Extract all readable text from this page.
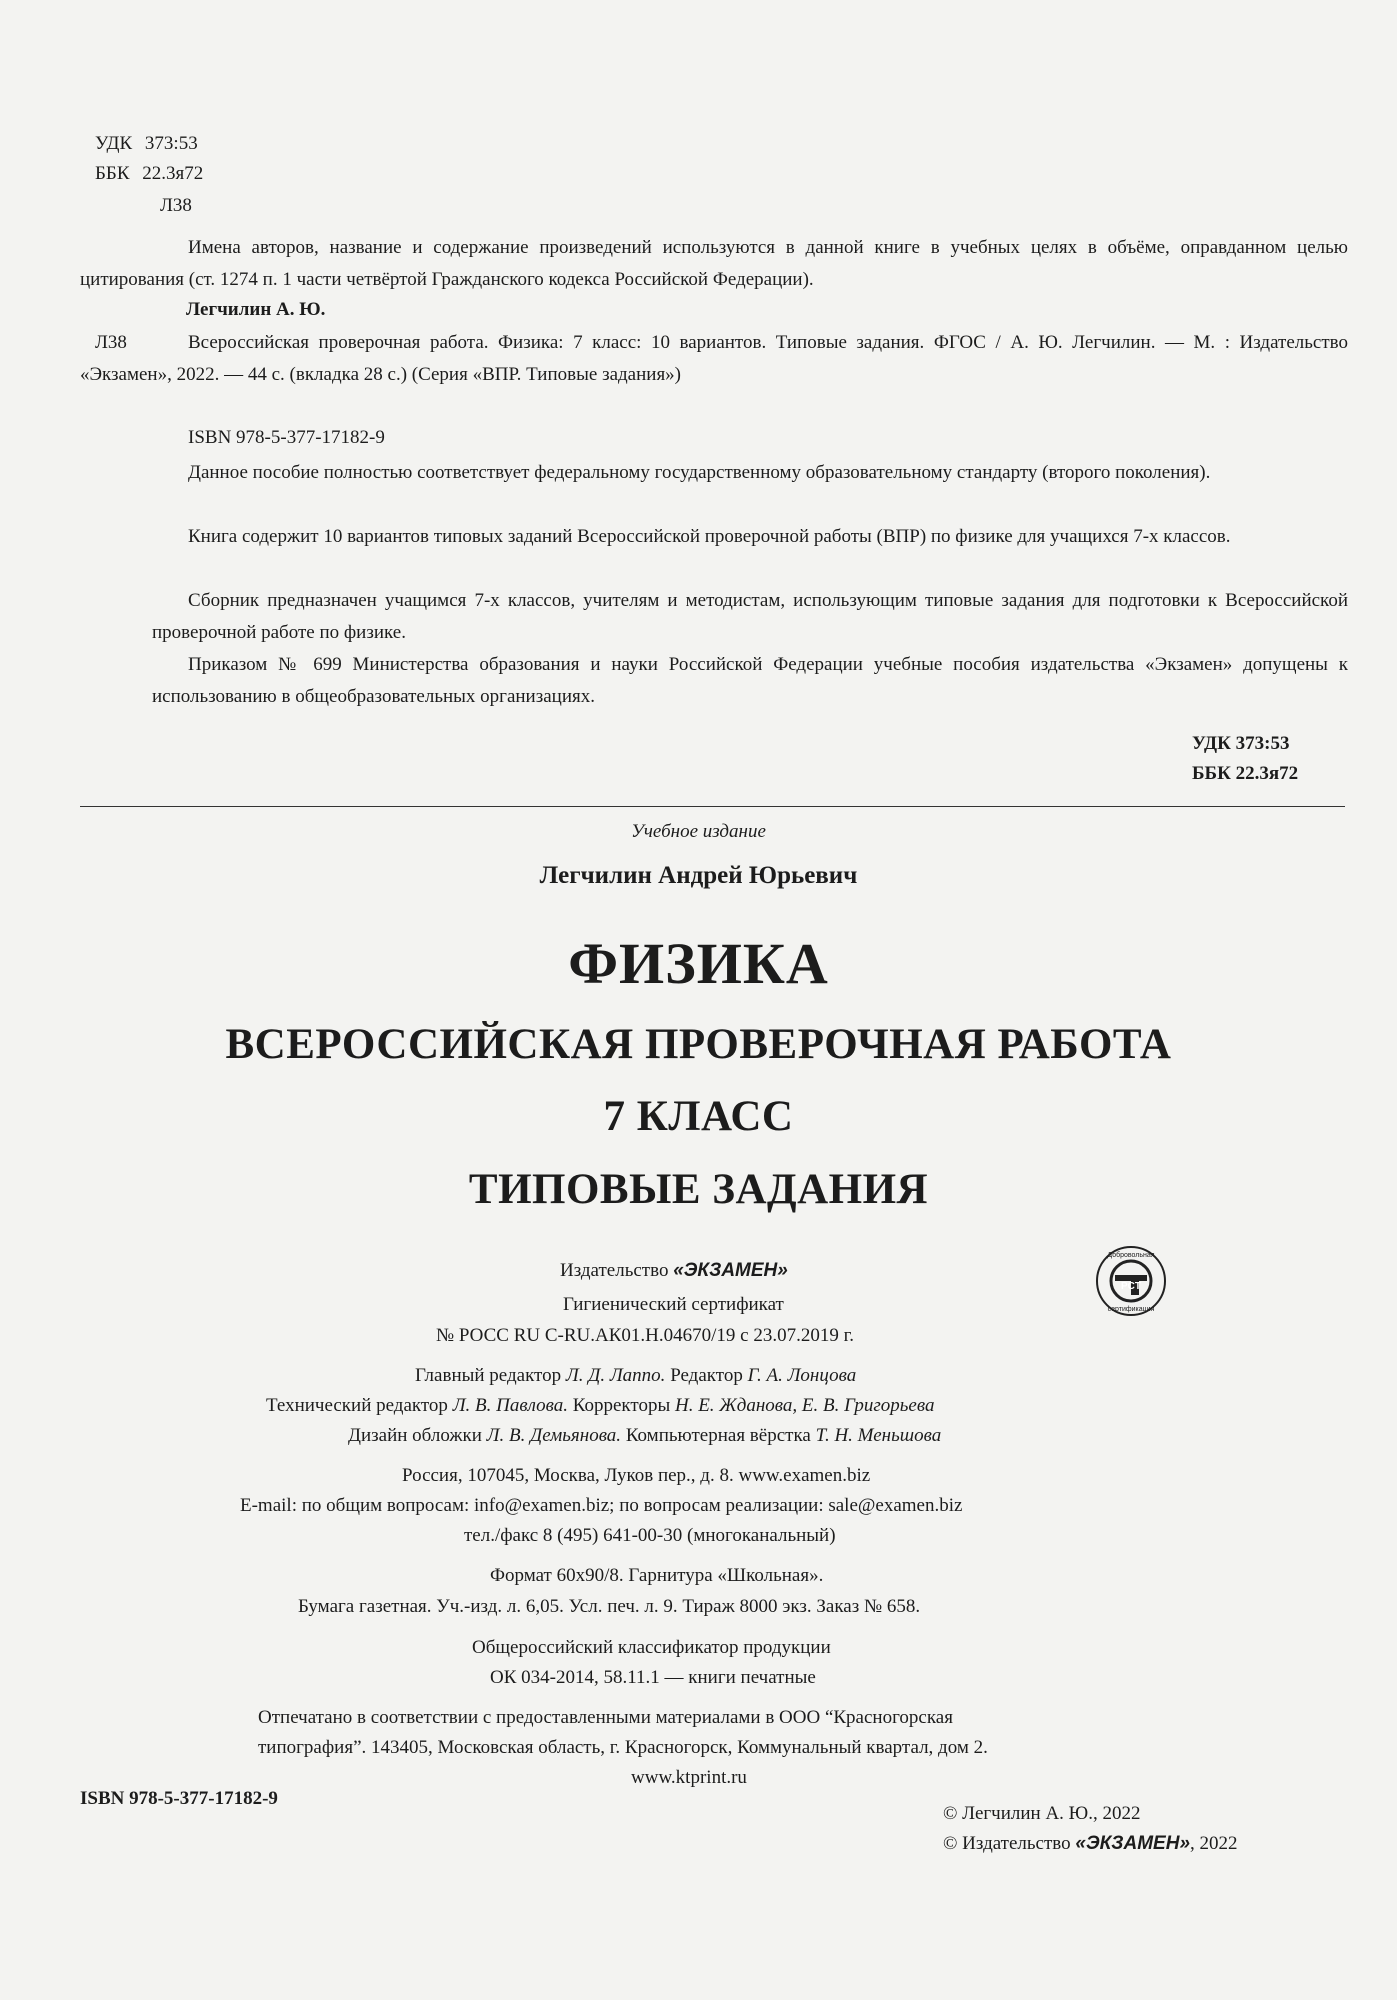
УДК 373:53
ББК 22.3я72
Л38
Имена авторов, название и содержание произведений используются в данной книге в учебных целях в объёме, оправданном целью цитирования (ст. 1274 п. 1 части четвёртой Гражданского кодекса Российской Федерации).
Легчилин А. Ю.
Л38	Всероссийская проверочная работа. Физика: 7 класс: 10 вариантов. Типовые задания. ФГОС / А. Ю. Легчилин. — М. : Издательство «Экзамен», 2022. — 44 с. (вкладка 28 с.) (Серия «ВПР. Типовые задания»)
ISBN 978-5-377-17182-9
Данное пособие полностью соответствует федеральному государственному образовательному стандарту (второго поколения).
Книга содержит 10 вариантов типовых заданий Всероссийской проверочной работы (ВПР) по физике для учащихся 7-х классов.
Сборник предназначен учащимся 7-х классов, учителям и методистам, использующим типовые задания для подготовки к Всероссийской проверочной работе по физике.
Приказом № 699 Министерства образования и науки Российской Федерации учебные пособия издательства «Экзамен» допущены к использованию в общеобразовательных организациях.
УДК 373:53
ББК 22.3я72
Учебное издание
Легчилин Андрей Юрьевич
ФИЗИКА
ВСЕРОССИЙСКАЯ ПРОВЕРОЧНАЯ РАБОТА
7 КЛАСС
ТИПОВЫЕ ЗАДАНИЯ
Издательство «ЭКЗАМЕН»
Добровольная
PCT
сертификация
Гигиенический сертификат
№ РОСС RU С-RU.АК01.Н.04670/19 с 23.07.2019 г.
Главный редактор Л. Д. Лаппо. Редактор Г. А. Лонцова
Технический редактор Л. В. Павлова. Корректоры Н. Е. Жданова, Е. В. Григорьева
Дизайн обложки Л. В. Демьянова. Компьютерная вёрстка Т. Н. Меньшова
Россия, 107045, Москва, Луков пер., д. 8. www.examen.biz
E-mail: по общим вопросам: info@examen.biz; по вопросам реализации: sale@examen.biz
тел./факс 8 (495) 641-00-30 (многоканальный)
Формат 60x90/8. Гарнитура «Школьная».
Бумага газетная. Уч.-изд. л. 6,05. Усл. печ. л. 9. Тираж 8000 экз. Заказ № 658.
Общероссийский классификатор продукции
ОК 034-2014, 58.11.1 — книги печатные
Отпечатано в соответствии с предоставленными материалами в ООО “Красногорская
типография”. 143405, Московская область, г. Красногорск, Коммунальный квартал, дом 2.
www.ktprint.ru
ISBN 978-5-377-17182-9
© Легчилин А. Ю., 2022
© Издательство «ЭКЗАМЕН», 2022
